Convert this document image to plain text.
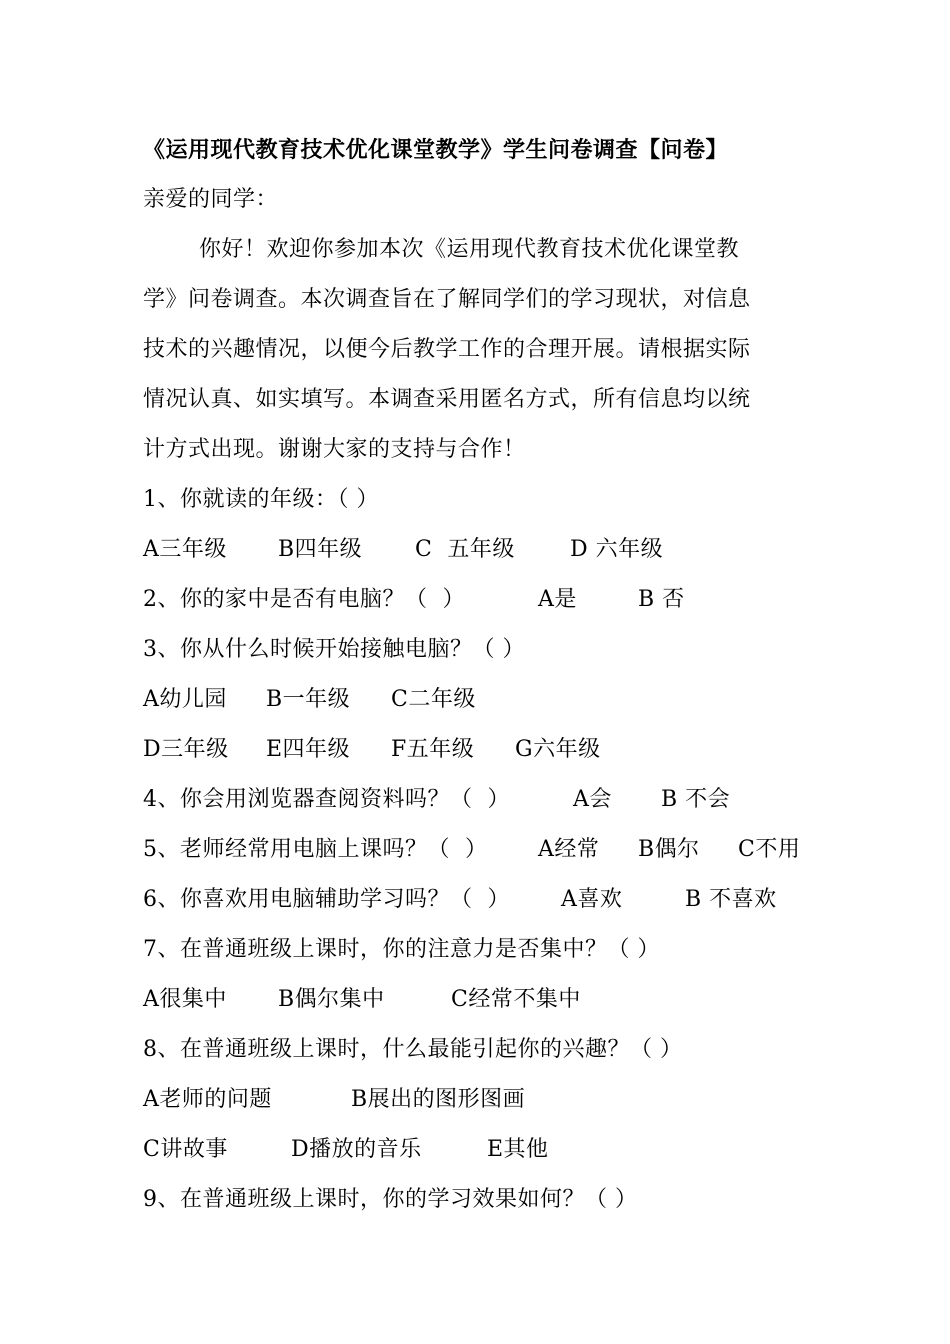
《运用现代教育技术优化课堂教学》学生问卷调查【问卷】
亲爱的同学：
你好！欢迎你参加本次《运用现代教育技术优化课堂教
学》问卷调查。本次调查旨在了解同学们的学习现状，对信息
技术的兴趣情况，以便今后教学工作的合理开展。请根据实际
情况认真、如实填写。本调查采用匿名方式，所有信息均以统
计方式出现。谢谢大家的支持与合作！
1、你就读的年级：（ ）
A三年级 B四年级 C  五年级	D 六年级
2、你的家中是否有电脑？（  ）	A是	B 否
3、你从什么时候开始接触电脑？（ ）
A幼儿园 B一年级 C二年级
D三年级 E四年级 F五年级 G六年级
4、你会用浏览器查阅资料吗？（  ）	A会 B 不会
5、老师经常用电脑上课吗？（  ） A经常 B偶尔 C不用
6、你喜欢用电脑辅助学习吗？（  ） A喜欢	B 不喜欢
7、在普通班级上课时，你的注意力是否集中？（ ）
A很集中 B偶尔集中	C经常不集中
8、在普通班级上课时，什么最能引起你的兴趣？（ ）
A老师的问题	B展出的图形图画
C讲故事	D播放的音乐	E其他
9、在普通班级上课时，你的学习效果如何？（ ）
